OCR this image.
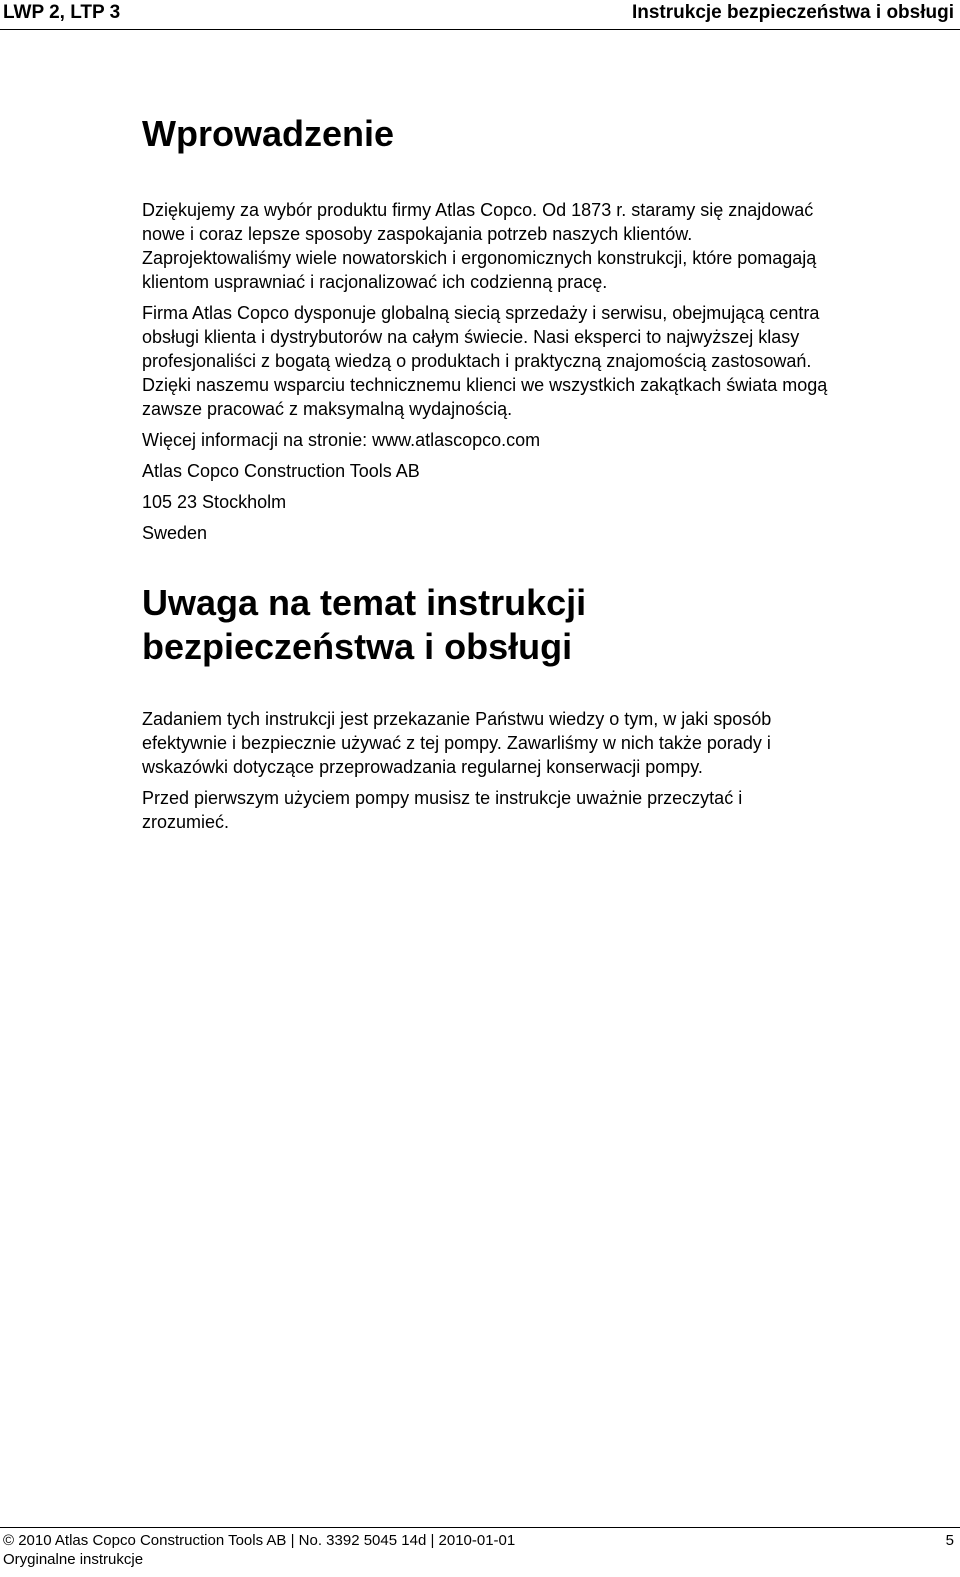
LWP 2, LTP 3	Instrukcje bezpieczeństwa i obsługi
Wprowadzenie

Dziękujemy za wybór produktu firmy Atlas Copco. Od 1873 r. staramy się znajdować nowe i coraz lepsze sposoby zaspokajania potrzeb naszych klientów. Zaprojektowaliśmy wiele nowatorskich i ergonomicznych konstrukcji, które pomagają klientom usprawniać i racjonalizować ich codzienną pracę.

Firma Atlas Copco dysponuje globalną siecią sprzedaży i serwisu, obejmującą centra obsługi klienta i dystrybutorów na całym świecie. Nasi eksperci to najwyższej klasy profesjonaliści z bogatą wiedzą o produktach i praktyczną znajomością zastosowań. Dzięki naszemu wsparciu technicznemu klienci we wszystkich zakątkach świata mogą zawsze pracować z maksymalną wydajnością.

Więcej informacji na stronie: www.atlascopco.com

Atlas Copco Construction Tools AB

105 23 Stockholm

Sweden

Uwaga na temat instrukcji
bezpieczeństwa i obsługi

Zadaniem tych instrukcji jest przekazanie Państwu wiedzy o tym, w jaki sposób efektywnie i bezpiecznie używać z tej pompy. Zawarliśmy w nich także porady i wskazówki dotyczące przeprowadzania regularnej konserwacji pompy.

Przed pierwszym użyciem pompy musisz te instrukcje uważnie przeczytać i zrozumieć.

© 2010 Atlas Copco Construction Tools AB | No. 3392 5045 14d | 2010-01-01
Oryginalne instrukcje
5
